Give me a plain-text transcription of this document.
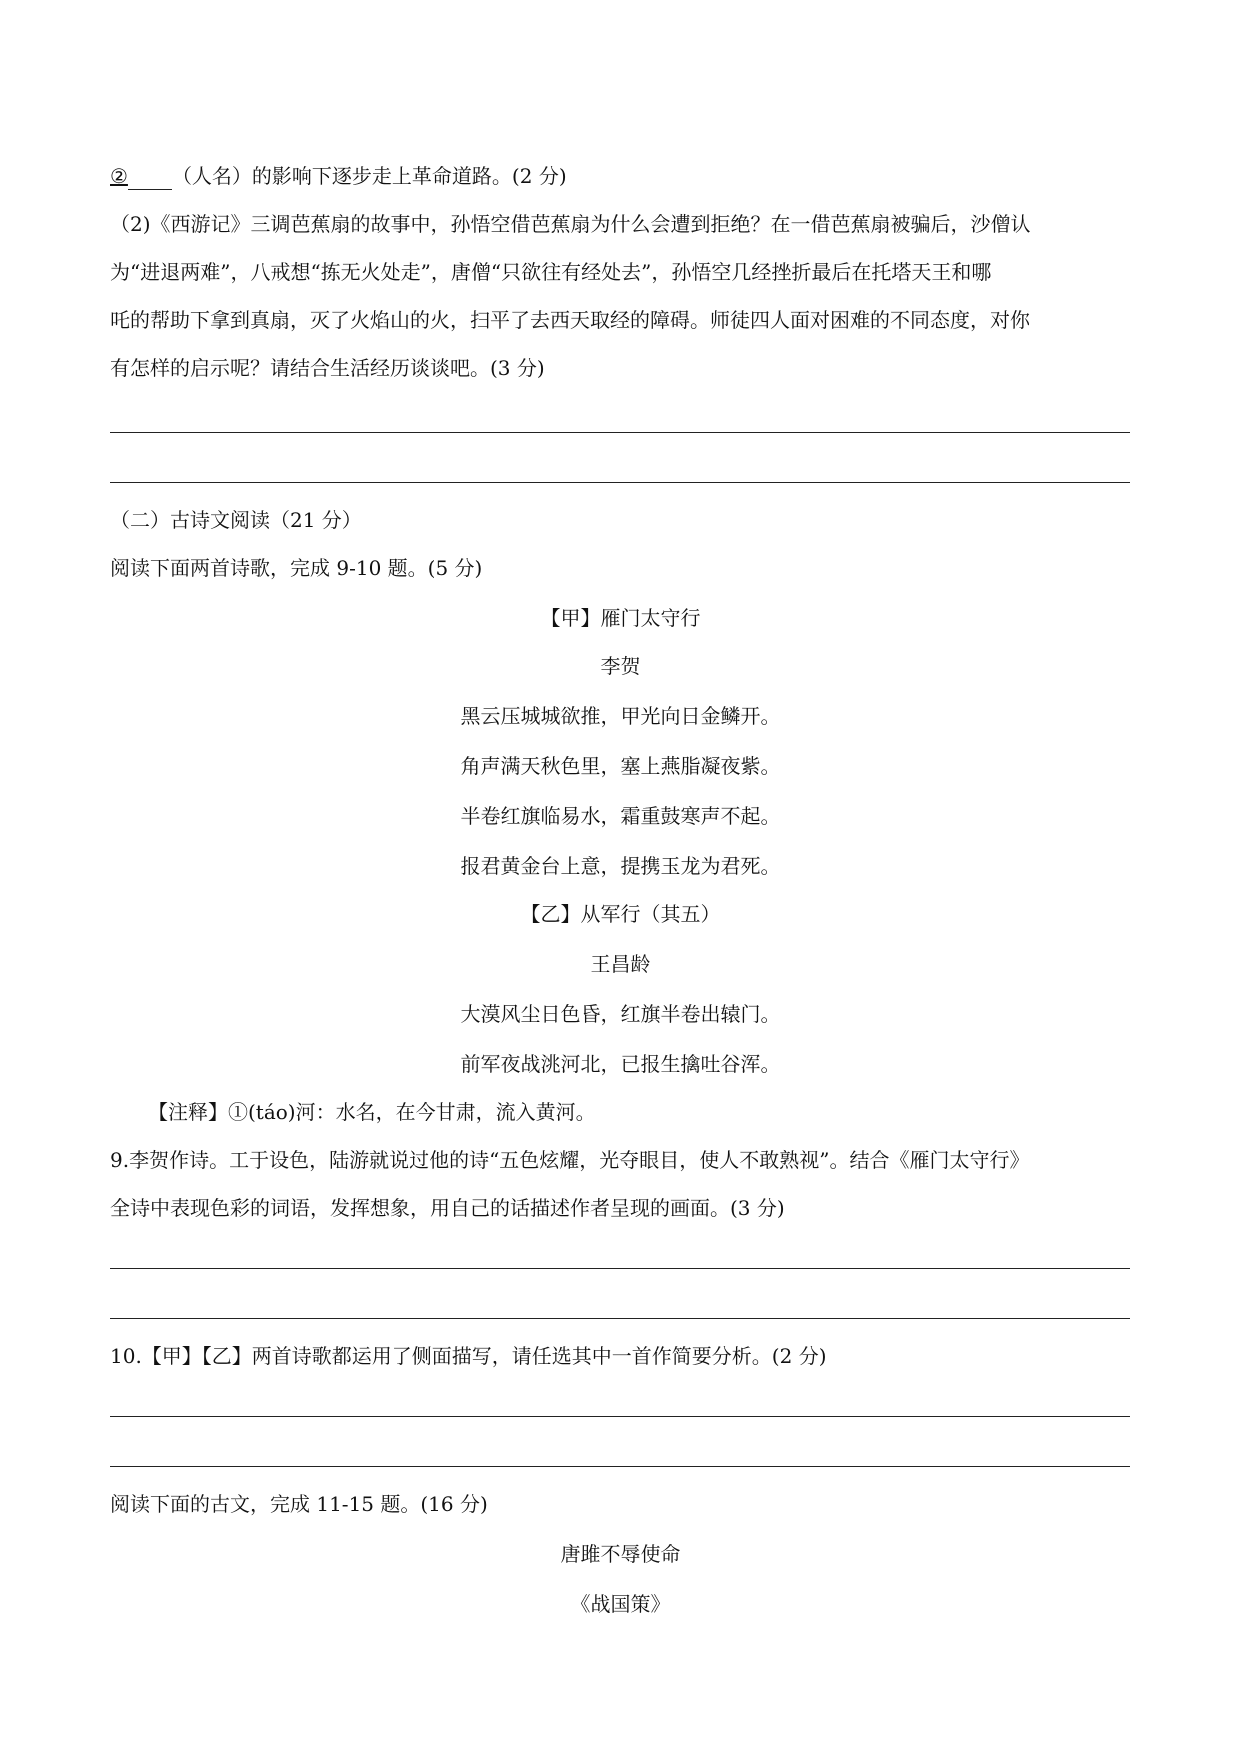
② （人名）的影响下逐步走上革命道路。(2 分)
（2)《西游记》三调芭蕉扇的故事中，孙悟空借芭蕉扇为什么会遭到拒绝？在一借芭蕉扇被骗后，沙僧认
为“进退两难”，八戒想“拣无火处走”，唐僧“只欲往有经处去”，孙悟空几经挫折最后在托塔天王和哪
吒的帮助下拿到真扇，灭了火焰山的火，扫平了去西天取经的障碍。师徒四人面对困难的不同态度，对你
有怎样的启示呢？请结合生活经历谈谈吧。(3 分)
（二）古诗文阅读（21 分）
阅读下面两首诗歌，完成 9-10 题。(5 分)
【甲】雁门太守行
李贺
黑云压城城欲推，甲光向日金鳞开。
角声满天秋色里，塞上燕脂凝夜紫。
半卷红旗临易水，霜重鼓寒声不起。
报君黄金台上意，提携玉龙为君死。
【乙】从军行（其五）
王昌龄
大漠风尘日色昏，红旗半卷出辕门。
前军夜战洮河北，已报生擒吐谷浑。
【注释】①(táo)河：水名，在今甘肃，流入黄河。
9.李贺作诗。工于设色，陆游就说过他的诗“五色炫耀，光夺眼目，使人不敢熟视”。结合《雁门太守行》
全诗中表现色彩的词语，发挥想象，用自己的话描述作者呈现的画面。(3 分)
10.【甲】【乙】两首诗歌都运用了侧面描写，请任选其中一首作简要分析。(2 分)
阅读下面的古文，完成 11-15 题。(16 分)
唐雎不辱使命
《战国策》
